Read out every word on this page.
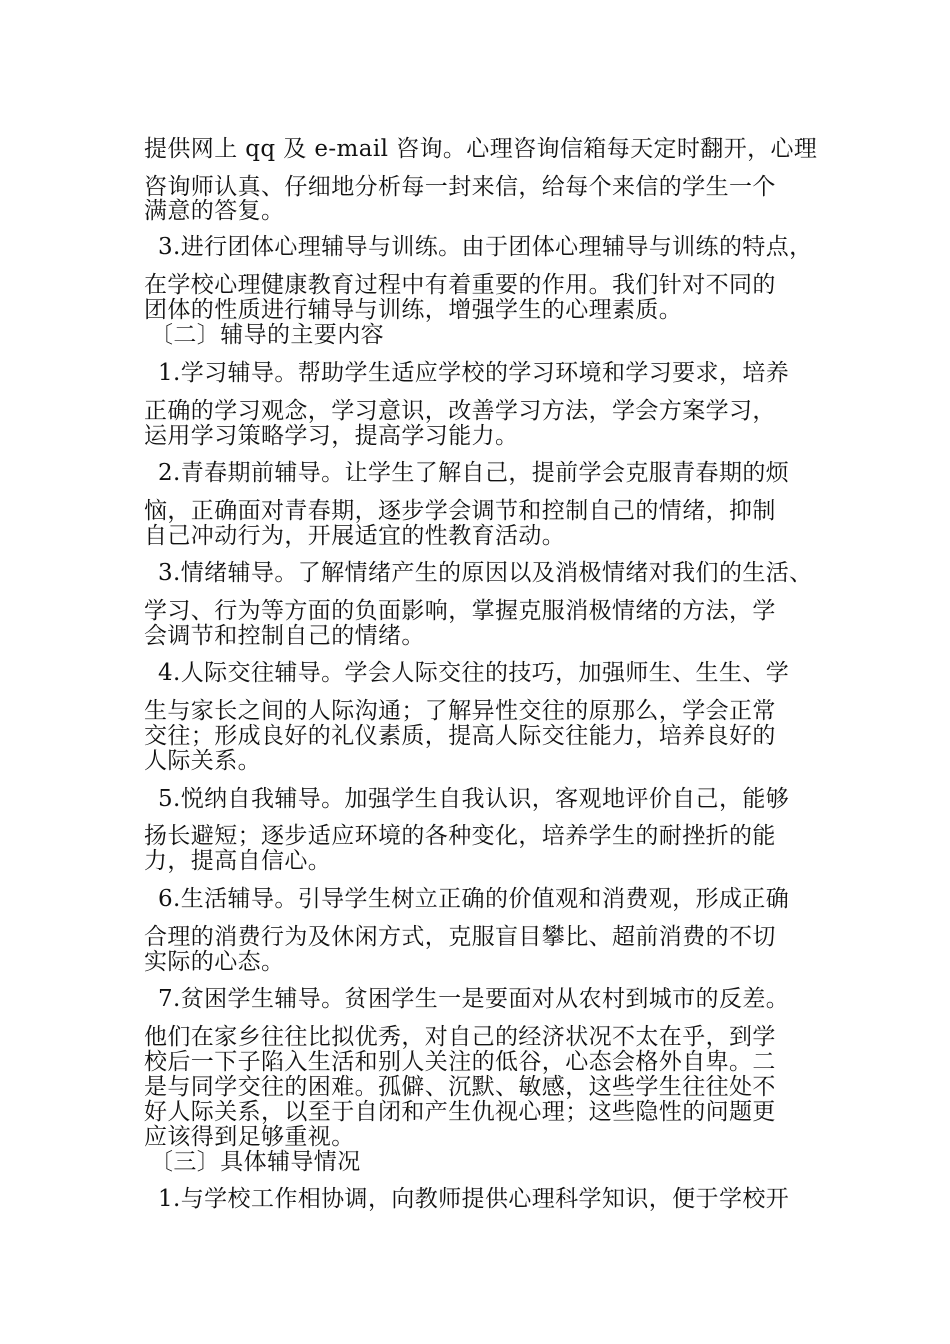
提供网上 qq 及 e-mail 咨询。心理咨询信箱每天定时翻开，心理
咨询师认真、仔细地分析每一封来信，给每个来信的学生一个
满意的答复。
3.进行团体心理辅导与训练。由于团体心理辅导与训练的特点，
在学校心理健康教育过程中有着重要的作用。我们针对不同的
团体的性质进行辅导与训练，增强学生的心理素质。
〔二〕辅导的主要内容
1.学习辅导。帮助学生适应学校的学习环境和学习要求，培养
正确的学习观念，学习意识，改善学习方法，学会方案学习，
运用学习策略学习，提高学习能力。
2.青春期前辅导。让学生了解自己，提前学会克服青春期的烦
恼，正确面对青春期，逐步学会调节和控制自己的情绪，抑制
自己冲动行为，开展适宜的性教育活动。
3.情绪辅导。了解情绪产生的原因以及消极情绪对我们的生活、
学习、行为等方面的负面影响，掌握克服消极情绪的方法，学
会调节和控制自己的情绪。
4.人际交往辅导。学会人际交往的技巧，加强师生、生生、学
生与家长之间的人际沟通；了解异性交往的原那么，学会正常
交往；形成良好的礼仪素质，提高人际交往能力，培养良好的
人际关系。
5.悦纳自我辅导。加强学生自我认识，客观地评价自己，能够
扬长避短；逐步适应环境的各种变化，培养学生的耐挫折的能
力，提高自信心。
6.生活辅导。引导学生树立正确的价值观和消费观，形成正确
合理的消费行为及休闲方式，克服盲目攀比、超前消费的不切
实际的心态。
7.贫困学生辅导。贫困学生一是要面对从农村到城市的反差。
他们在家乡往往比拟优秀，对自己的经济状况不太在乎，到学
校后一下子陷入生活和别人关注的低谷，心态会格外自卑。二
是与同学交往的困难。孤僻、沉默、敏感，这些学生往往处不
好人际关系，以至于自闭和产生仇视心理；这些隐性的问题更
应该得到足够重视。
〔三〕具体辅导情况
1.与学校工作相协调，向教师提供心理科学知识，便于学校开
